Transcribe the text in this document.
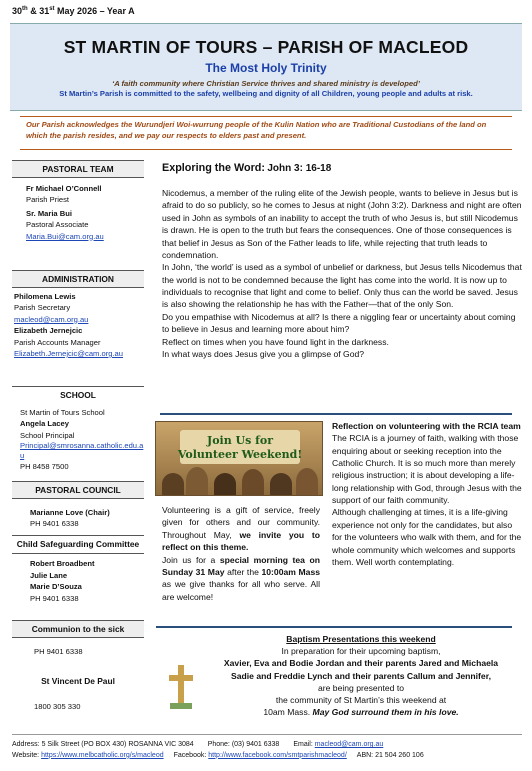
30th & 31st May 2026 – Year A
ST MARTIN OF TOURS – PARISH OF MACLEOD
The Most Holy Trinity
‘A faith community where Christian Service thrives and shared ministry is developed’
St Martin’s Parish is committed to the safety, wellbeing and dignity of all Children, young people and adults at risk.
Our Parish acknowledges the Wurundjeri Woi-wurrung people of the Kulin Nation who are Traditional Custodians of the land on which the parish resides, and we pay our respects to elders past and present.
PASTORAL TEAM
Fr Michael O’Connell
Parish Priest
Sr. Maria Bui
Pastoral Associate
Maria.Bui@cam.org.au
ADMINISTRATION
Philomena Lewis
Parish Secretary
macleod@cam.org.au
Elizabeth Jernejcic
Parish Accounts Manager
Elizabeth.Jernejcic@cam.org.au
SCHOOL
St Martin of Tours School
Angela Lacey
School Principal
Principal@smrosanna.catholic.edu.au
PH 8458 7500
PASTORAL COUNCIL
Marianne Love (Chair)
PH 9401 6338
Child Safeguarding Committee
Robert Broadbent
Julie Lane
Marie D’Souza
PH 9401 6338
Communion to the sick
PH 9401 6338
St Vincent De Paul
1800 305 330
Exploring the Word: John 3: 16-18
Nicodemus, a member of the ruling elite of the Jewish people, wants to believe in Jesus but is afraid to do so publicly, so he comes to Jesus at night (John 3:2). Darkness and night are often used in John as symbols of an inability to accept the truth of who Jesus is, but still Nicodemus is drawn. He is open to the truth but fears the consequences. One of those consequences is that belief in Jesus as Son of the Father leads to life, while rejecting that truth leads to condemnation.
In John, ‘the world’ is used as a symbol of unbelief or darkness, but Jesus tells Nicodemus that the world is not to be condemned because the light has come into the world. It is now up to individuals to recognise that light and come to belief. Only thus can the world be saved. Jesus is also showing the relationship he has with the Father—that of the only Son.
Do you empathise with Nicodemus at all? Is there a niggling fear or uncertainty about coming to believe in Jesus and learning more about him?
Reflect on times when you have found light in the darkness.
In what ways does Jesus give you a glimpse of God?
Join Us for
Volunteer Weekend!
Volunteering is a gift of service, freely given for others and our community. Throughout May, we invite you to reflect on this theme.
Join us for a special morning tea on Sunday 31 May after the 10:00am Mass as we give thanks for all who serve. All are welcome!
Reflection on volunteering with the RCIA team
The RCIA is a journey of faith, walking with those enquiring about or seeking reception into the Catholic Church. It is so much more than merely religious instruction; it is about developing a life-long relationship with God, through Jesus with the support of our faith community.
Although challenging at times, it is a life-giving experience not only for the candidates, but also for the volunteers who walk with them, and for the whole community which welcomes and supports them. Well worth contemplating.
Baptism Presentations this weekend
In preparation for their upcoming baptism,
Xavier, Eva and Bodie Jordan and their parents Jared and Michaela
Sadie and Freddie Lynch and their parents Callum and Jennifer,
are being presented to
the community of St Martin’s this weekend at
10am Mass. May God surround them in his love.
Address: 5 Silk Street (PO BOX 430) ROSANNA VIC 3084 Phone: (03) 9401 6338 Email: macleod@cam.org.au
Website: https://www.melbcatholic.org/s/macleod Facebook: http://www.facebook.com/smtparishmacleod/ ABN: 21 504 260 106
